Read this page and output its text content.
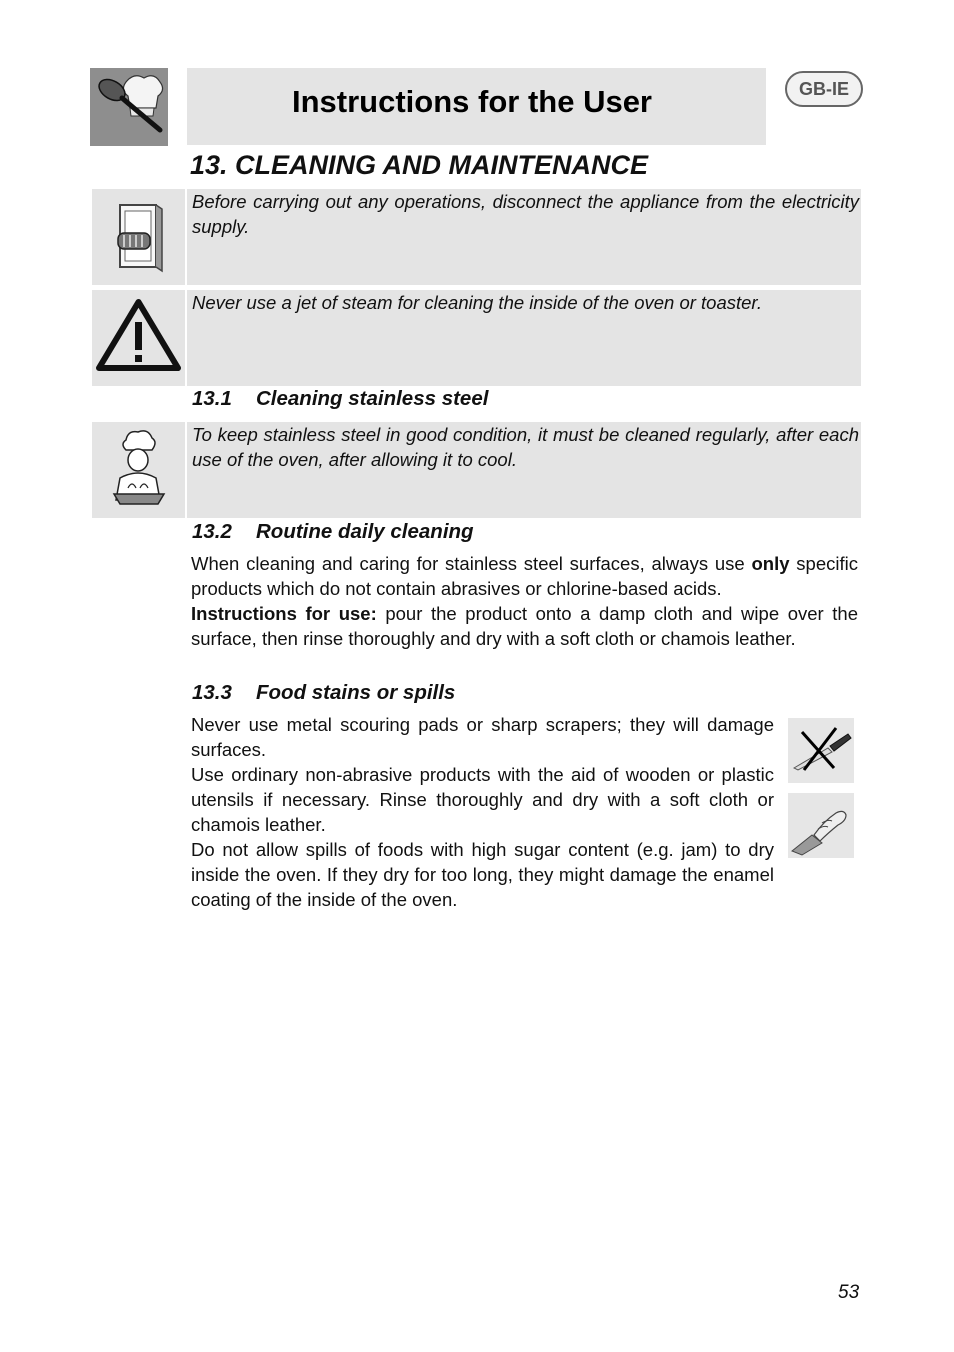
Instructions for the User	GB-IE
13. CLEANING AND MAINTENANCE

Before carrying out any operations, disconnect the appliance from the electricity supply.

Never use a jet of steam for cleaning the inside of the oven or toaster.

13.1 Cleaning stainless steel

To keep stainless steel in good condition, it must be cleaned regularly, after each use of the oven, after allowing it to cool.

13.2 Routine daily cleaning

When cleaning and caring for stainless steel surfaces, always use only specific products which do not contain abrasives or chlorine-based acids.

Instructions for use: pour the product onto a damp cloth and wipe over the surface, then rinse thoroughly and dry with a soft cloth or chamois leather.

13.3 Food stains or spills

Never use metal scouring pads or sharp scrapers; they will damage surfaces.

Use ordinary non-abrasive products with the aid of wooden or plastic utensils if necessary. Rinse thoroughly and dry with a soft cloth or chamois leather.

Do not allow spills of foods with high sugar content (e.g. jam) to dry inside the oven. If they dry for too long, they might damage the enamel coating of the inside of the oven.

53
